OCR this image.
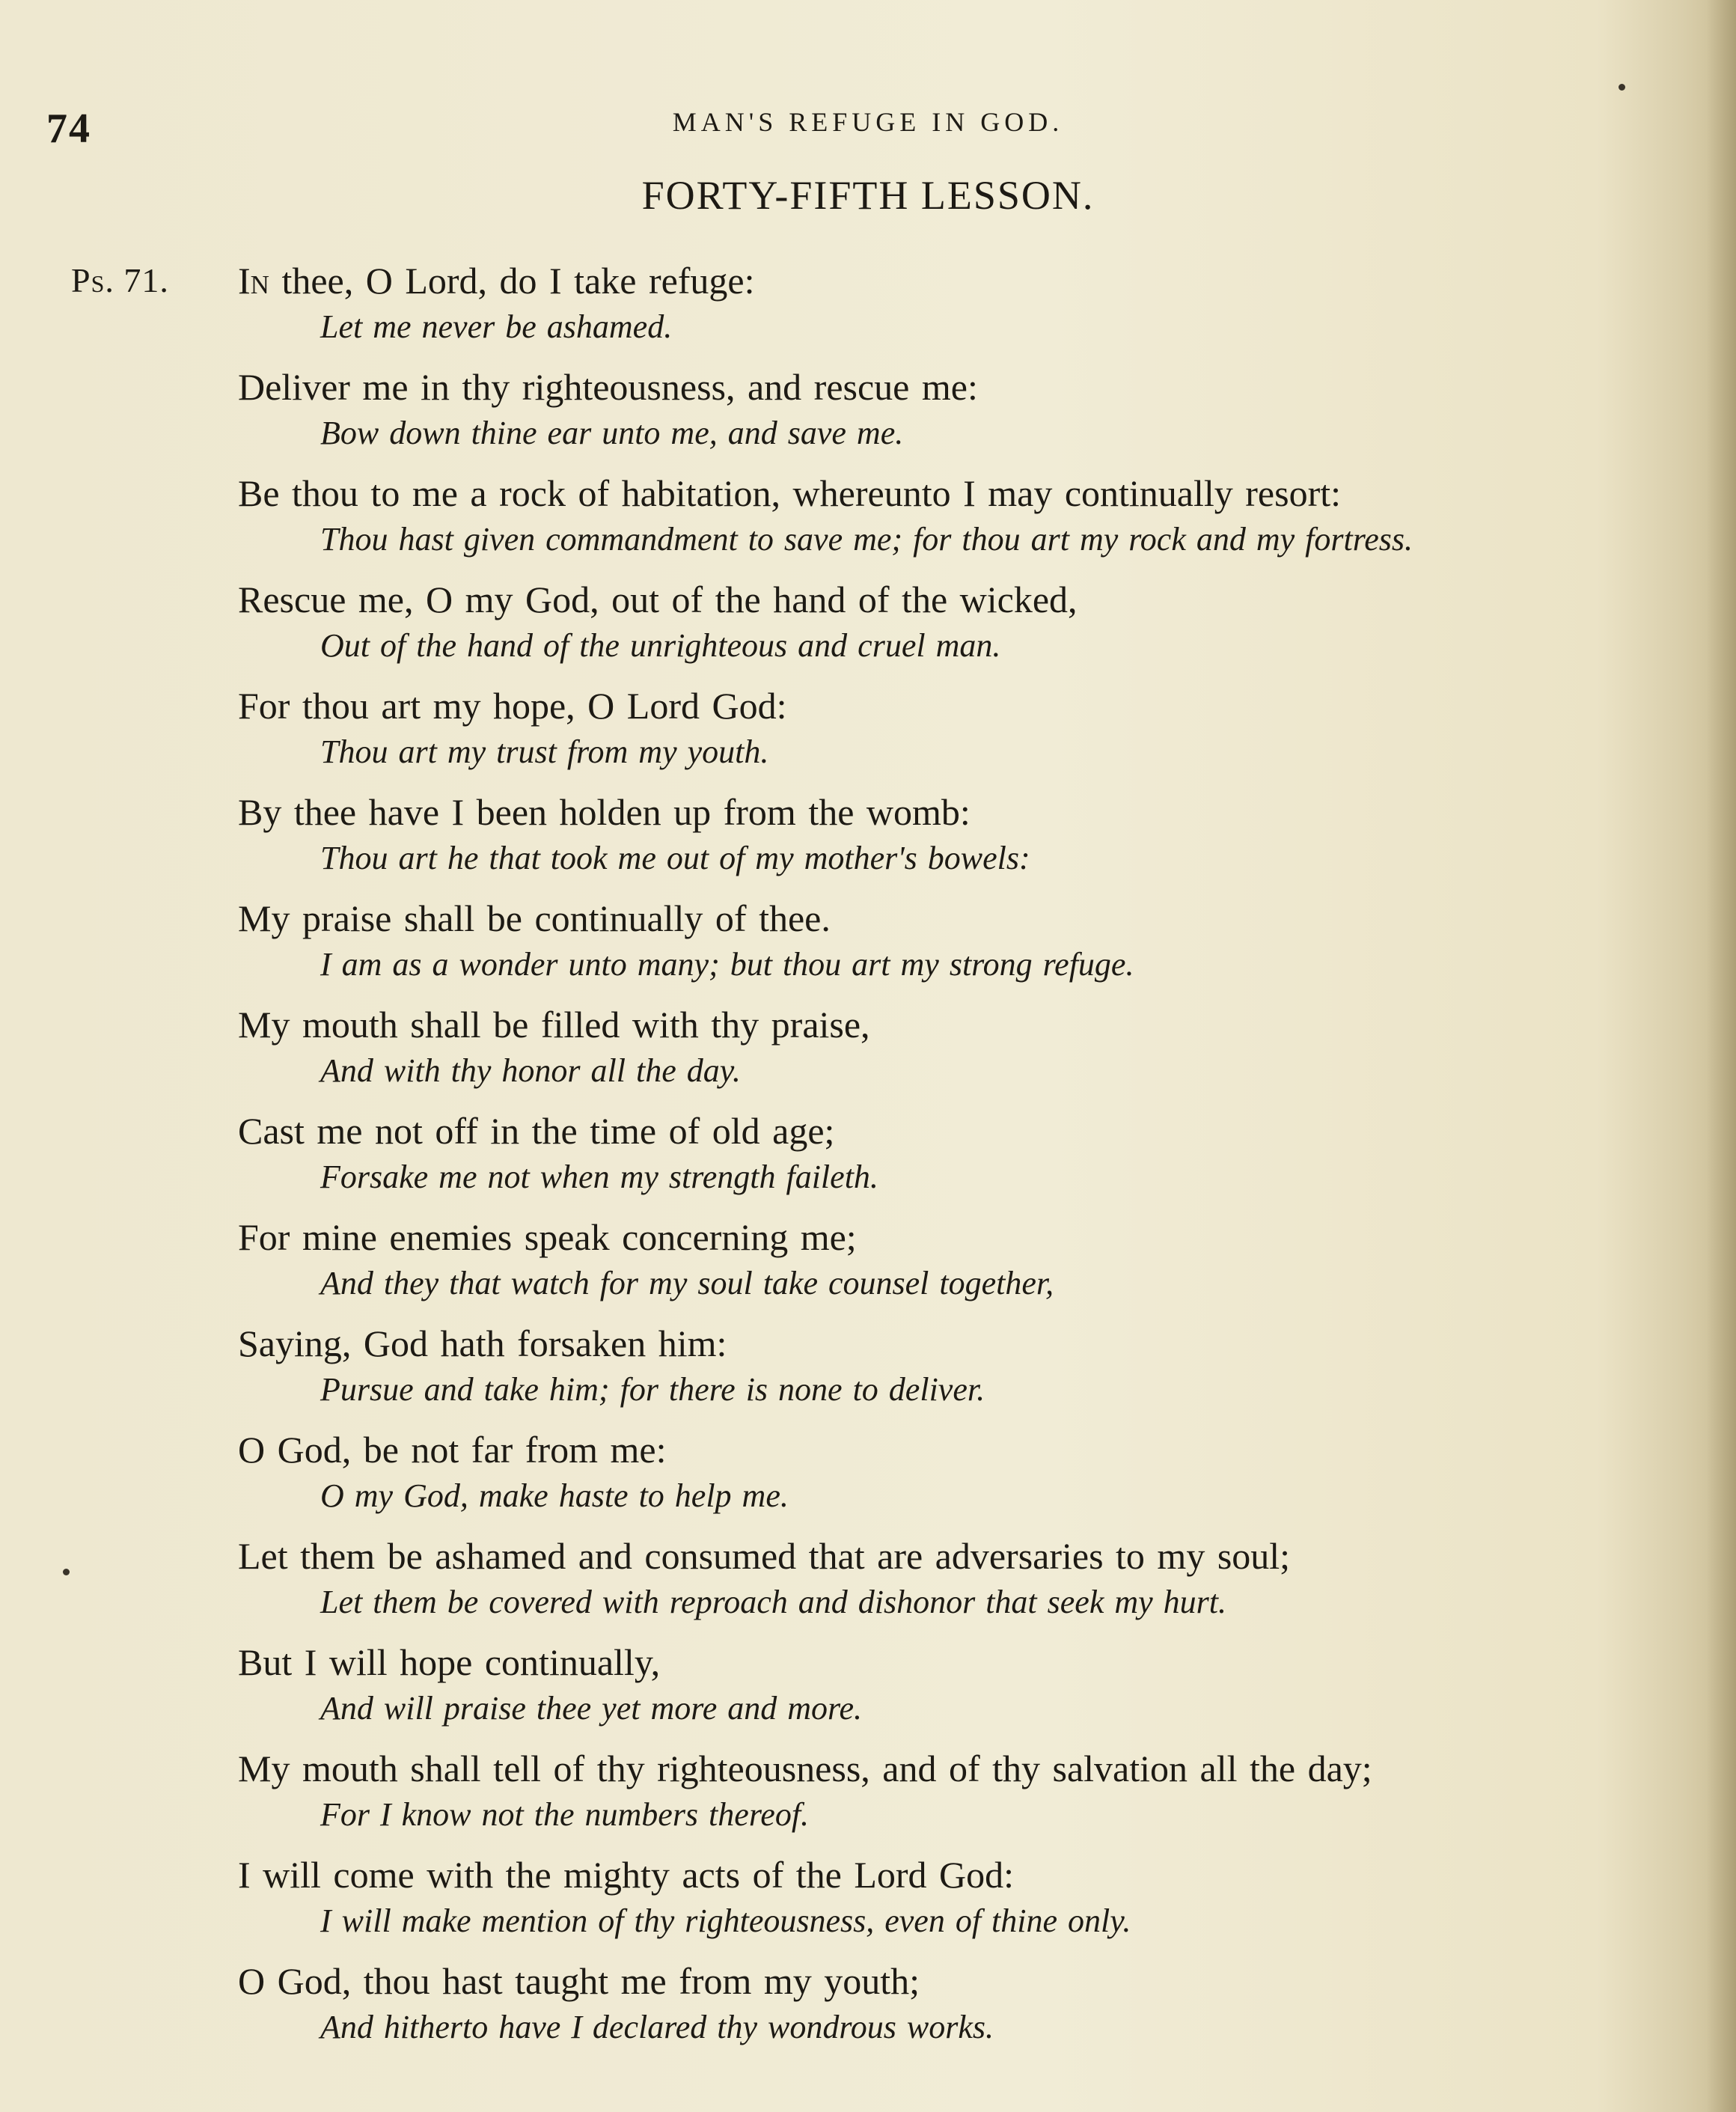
74	MAN'S REFUGE IN GOD.
FORTY-FIFTH LESSON.
Ps. 71. In thee, O Lord, do I take refuge:
Let me never be ashamed.
Deliver me in thy righteousness, and rescue me:
Bow down thine ear unto me, and save me.
Be thou to me a rock of habitation, whereunto I may continually resort:
Thou hast given commandment to save me; for thou art my rock and my fortress.
Rescue me, O my God, out of the hand of the wicked,
Out of the hand of the unrighteous and cruel man.
For thou art my hope, O Lord God:
Thou art my trust from my youth.
By thee have I been holden up from the womb:
Thou art he that took me out of my mother's bowels:
My praise shall be continually of thee.
I am as a wonder unto many; but thou art my strong refuge.
My mouth shall be filled with thy praise,
And with thy honor all the day.
Cast me not off in the time of old age;
Forsake me not when my strength faileth.
For mine enemies speak concerning me;
And they that watch for my soul take counsel together,
Saying, God hath forsaken him:
Pursue and take him; for there is none to deliver.
O God, be not far from me:
O my God, make haste to help me.
Let them be ashamed and consumed that are adversaries to my soul;
Let them be covered with reproach and dishonor that seek my hurt.
But I will hope continually,
And will praise thee yet more and more.
My mouth shall tell of thy righteousness, and of thy salvation all the day;
For I know not the numbers thereof.
I will come with the mighty acts of the Lord God:
I will make mention of thy righteousness, even of thine only.
O God, thou hast taught me from my youth;
And hitherto have I declared thy wondrous works.
